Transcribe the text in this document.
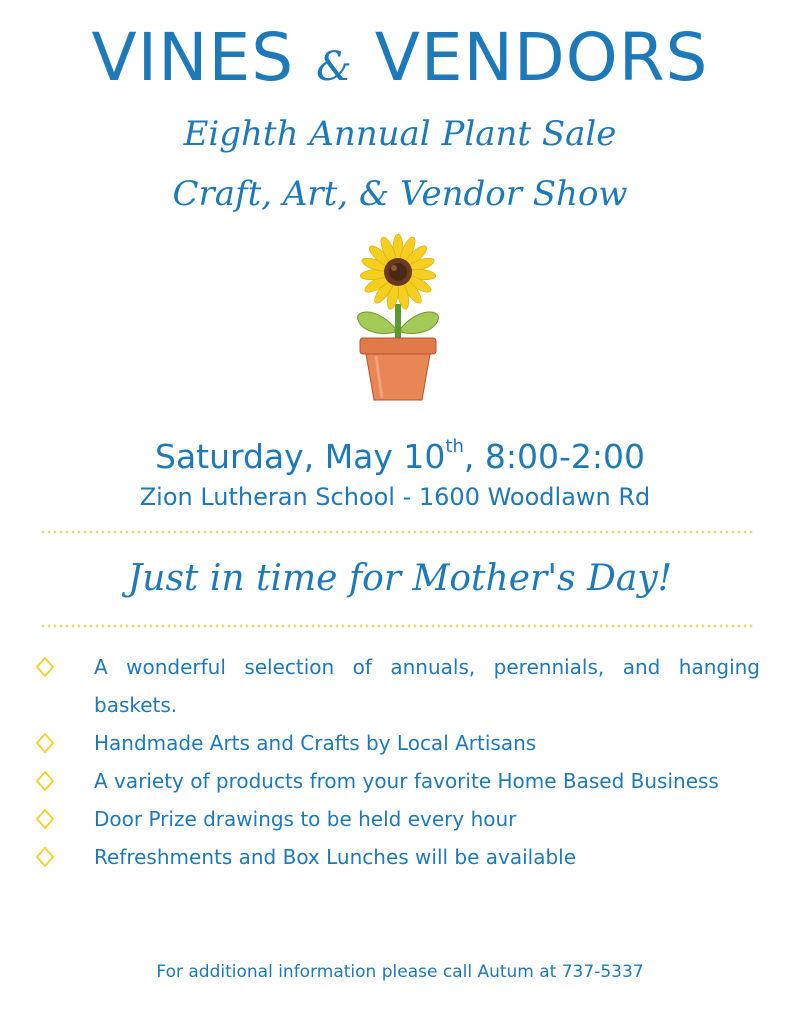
VINES & VENDORS
Eighth Annual Plant Sale
Craft, Art, & Vendor Show
Saturday, May 10th, 8:00-2:00
Zion Lutheran School - 1600 Woodlawn Rd
Just in time for Mother's Day!
A wonderful selection of annuals, perennials, and hanging baskets.
Handmade Arts and Crafts by Local Artisans
A variety of products from your favorite Home Based Business
Door Prize drawings to be held every hour
Refreshments and Box Lunches will be available
For additional information please call Autum at 737-5337
